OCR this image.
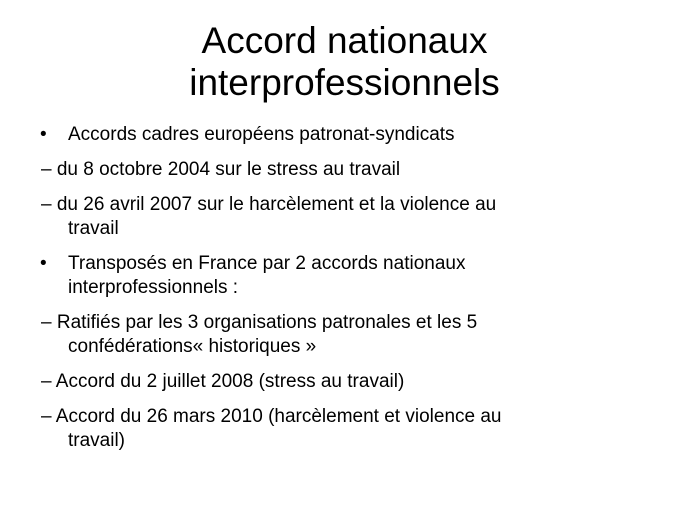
Accord nationaux
interprofessionnels
• Accords cadres européens patronat-syndicats
– du 8 octobre 2004 sur le stress au travail
– du 26 avril 2007 sur le harcèlement et la violence au
travail
• Transposés en France par 2 accords nationaux
interprofessionnels :
– Ratifiés par les 3 organisations patronales et les 5
confédérations« historiques »
– Accord du 2 juillet 2008 (stress au travail)
– Accord du 26 mars 2010 (harcèlement et violence au
travail)
